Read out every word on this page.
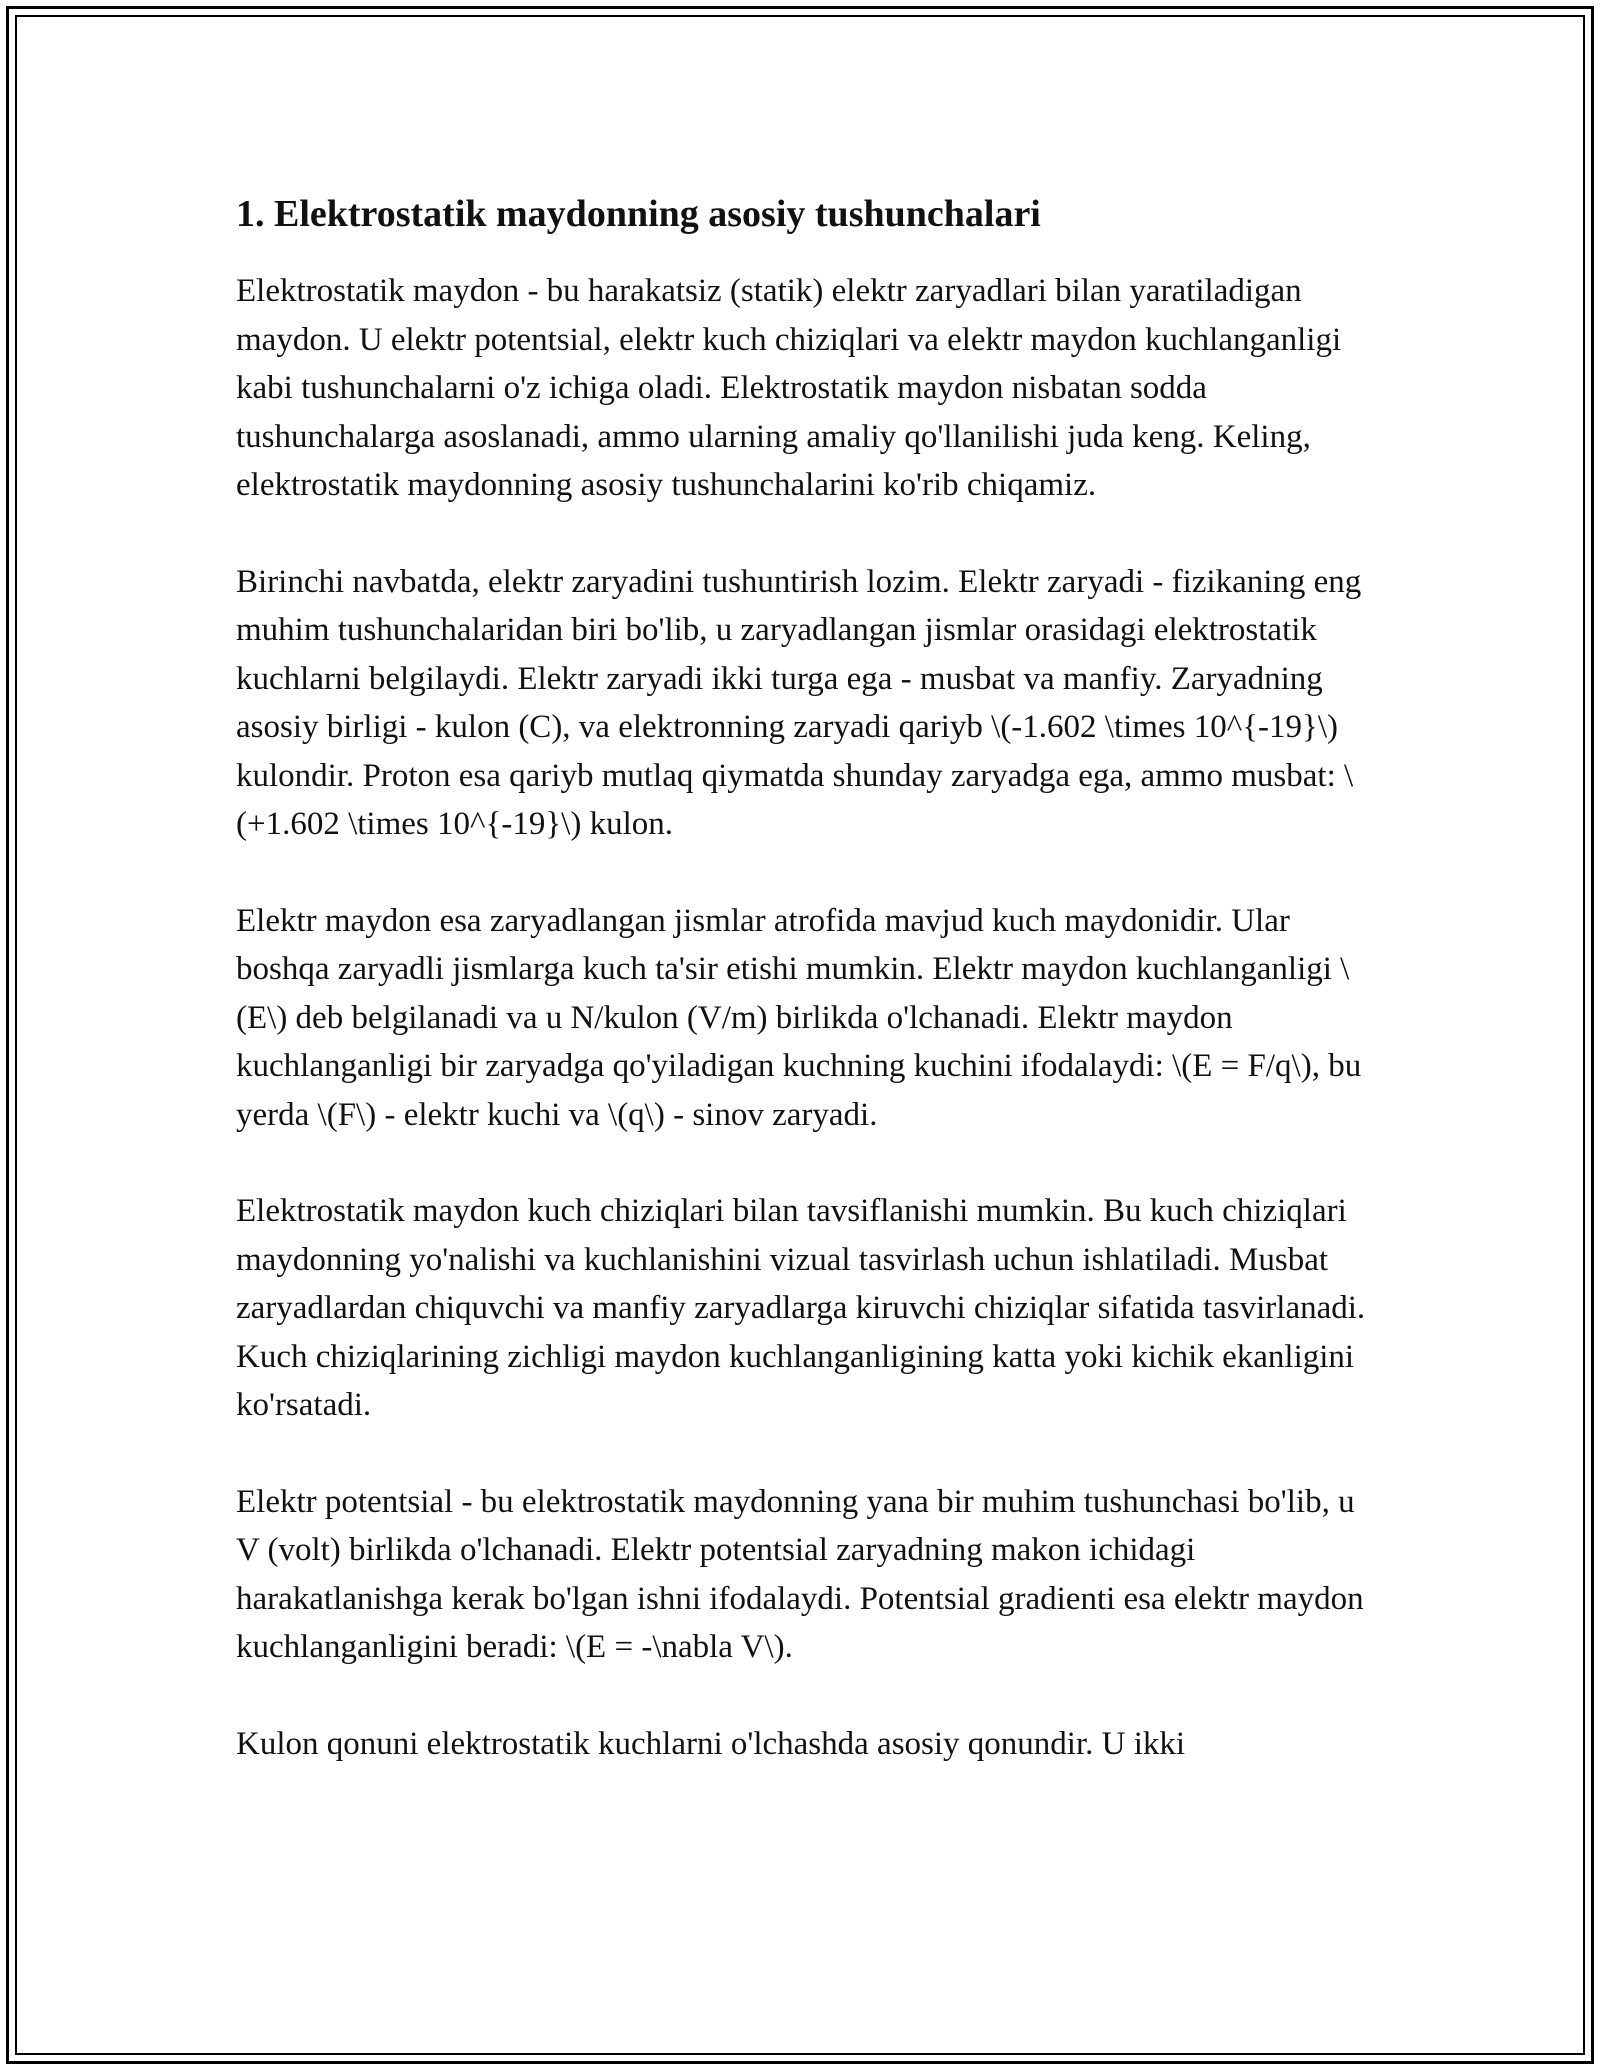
1. Elektrostatik maydonning asosiy tushunchalari

Elektrostatik maydon - bu harakatsiz (statik) elektr zaryadlari bilan yaratiladigan maydon. U elektr potentsial, elektr kuch chiziqlari va elektr maydon kuchlanganligi kabi tushunchalarni o'z ichiga oladi. Elektrostatik maydon nisbatan sodda tushunchalarga asoslanadi, ammo ularning amaliy qo'llanilishi juda keng. Keling, elektrostatik maydonning asosiy tushunchalarini ko'rib chiqamiz.

Birinchi navbatda, elektr zaryadini tushuntirish lozim. Elektr zaryadi - fizikaning eng muhim tushunchalaridan biri bo'lib, u zaryadlangan jismlar orasidagi elektrostatik kuchlarni belgilaydi. Elektr zaryadi ikki turga ega - musbat va manfiy. Zaryadning asosiy birligi - kulon (C), va elektronning zaryadi qariyb \(-1.602 \times 10^{-19}\) kulondir. Proton esa qariyb mutlaq qiymatda shunday zaryadga ega, ammo musbat: \(+1.602 \times 10^{-19}\) kulon.

Elektr maydon esa zaryadlangan jismlar atrofida mavjud kuch maydonidir. Ular boshqa zaryadli jismlarga kuch ta'sir etishi mumkin. Elektr maydon kuchlanganligi \(E\) deb belgilanadi va u N/kulon (V/m) birlikda o'lchanadi. Elektr maydon kuchlanganligi bir zaryadga qo'yiladigan kuchning kuchini ifodalaydi: \(E = F/q\), bu yerda \(F\) - elektr kuchi va \(q\) - sinov zaryadi.

Elektrostatik maydon kuch chiziqlari bilan tavsiflanishi mumkin. Bu kuch chiziqlari maydonning yo'nalishi va kuchlanishini vizual tasvirlash uchun ishlatiladi. Musbat zaryadlardan chiquvchi va manfiy zaryadlarga kiruvchi chiziqlar sifatida tasvirlanadi. Kuch chiziqlarining zichligi maydon kuchlanganligining katta yoki kichik ekanligini ko'rsatadi.

Elektr potentsial - bu elektrostatik maydonning yana bir muhim tushunchasi bo'lib, u V (volt) birlikda o'lchanadi. Elektr potentsial zaryadning makon ichidagi harakatlanishga kerak bo'lgan ishni ifodalaydi. Potentsial gradienti esa elektr maydon kuchlanganligini beradi: \(E = -\nabla V\).

Kulon qonuni elektrostatik kuchlarni o'lchashda asosiy qonundir. U ikki
